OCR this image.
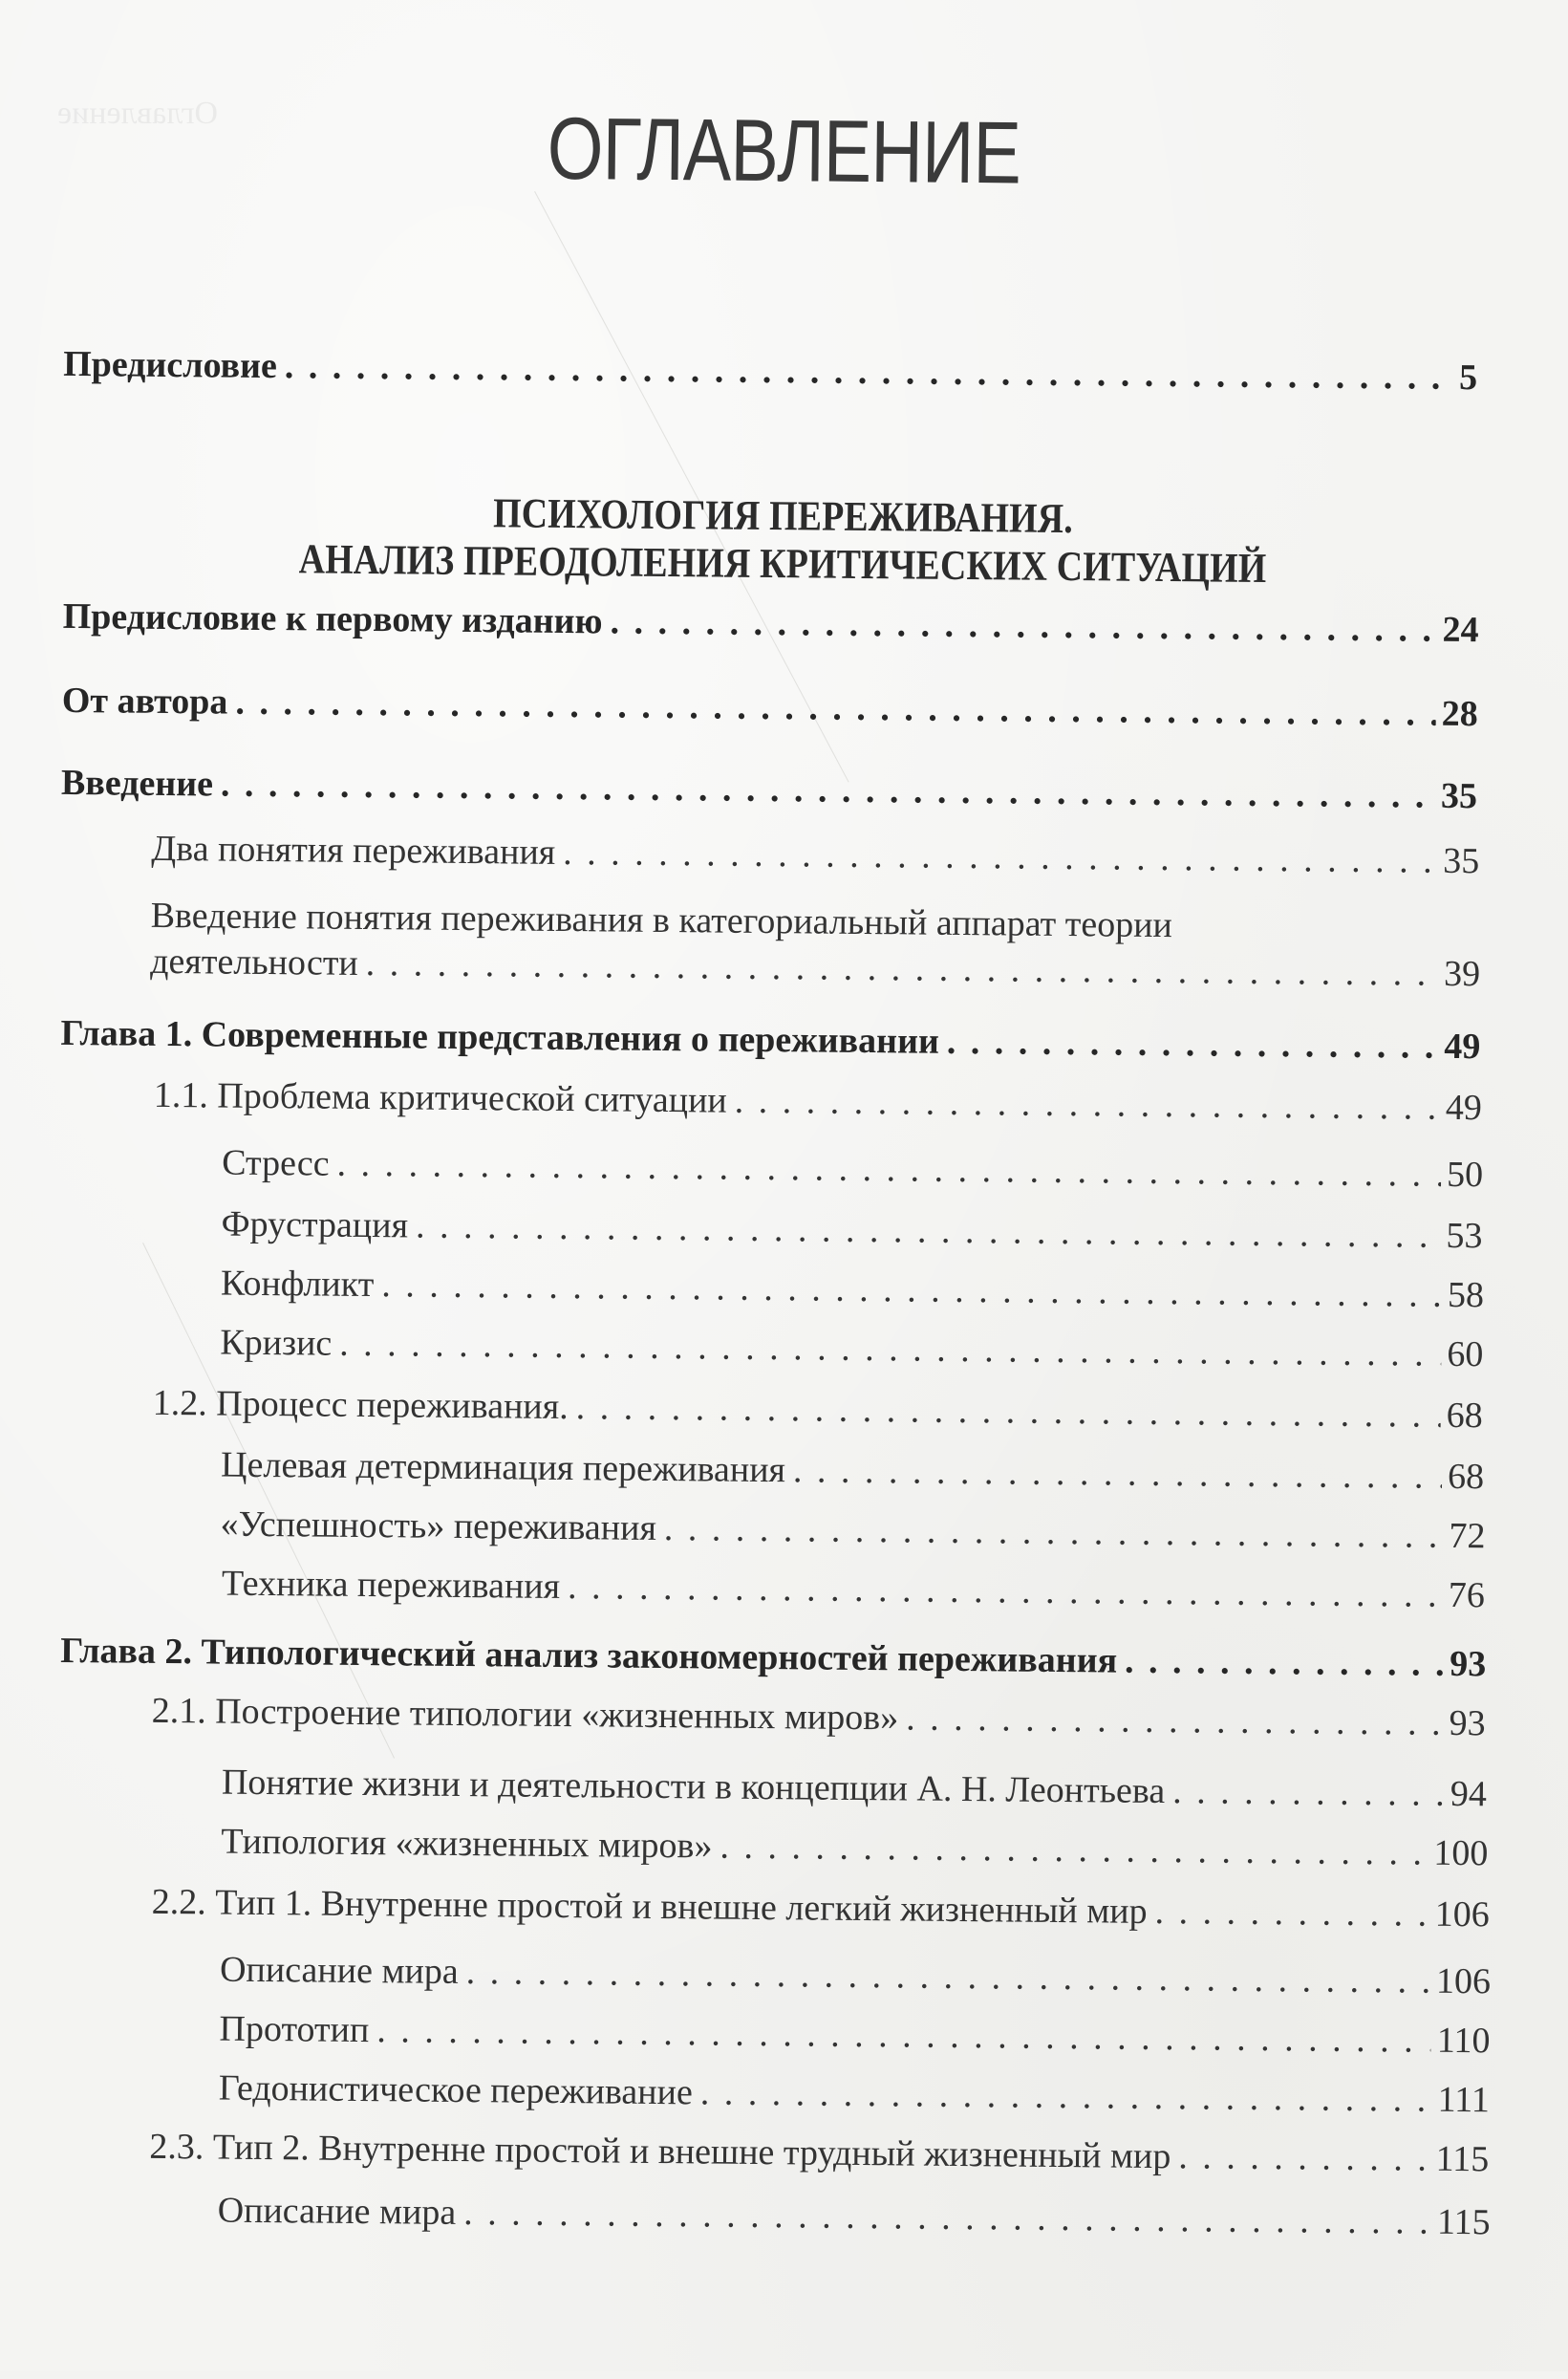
Оглавление	ОГЛАВЛЕНИЕ
Предисловие . . .	5
ПСИХОЛОГИЯ ПЕРЕЖИВАНИЯ.
АНАЛИЗ ПРЕОДОЛЕНИЯ КРИТИЧЕСКИХ СИТУАЦИЙ
Предисловие к первому изданию . . .	24
От автора . . .	28
Введение . . .	35
Два понятия переживания . . .	35
Введение понятия переживания в категориальный аппарат теории
деятельности . . .	39
Глава 1. Современные представления о переживании . . .	49
1.1. Проблема критической ситуации . . .	49
Стресс . . .	50
Фрустрация . . .	53
Конфликт . . .	58
Кризис . . .	60
1.2. Процесс переживания. . . .	68
Целевая детерминация переживания . . .	68
«Успешность» переживания . . .	72
Техника переживания . . .	76
Глава 2. Типологический анализ закономерностей переживания . . .	93
2.1. Построение типологии «жизненных миров» . . .	93
Понятие жизни и деятельности в концепции А. Н. Леонтьева . . .	94
Типология «жизненных миров» . . .	100
2.2. Тип 1. Внутренне простой и внешне легкий жизненный мир . . .	106
Описание мира . . .	106
Прототип . . .	110
Гедонистическое переживание . . .	111
2.3. Тип 2. Внутренне простой и внешне трудный жизненный мир . . .	115
Описание мира . . .	115
